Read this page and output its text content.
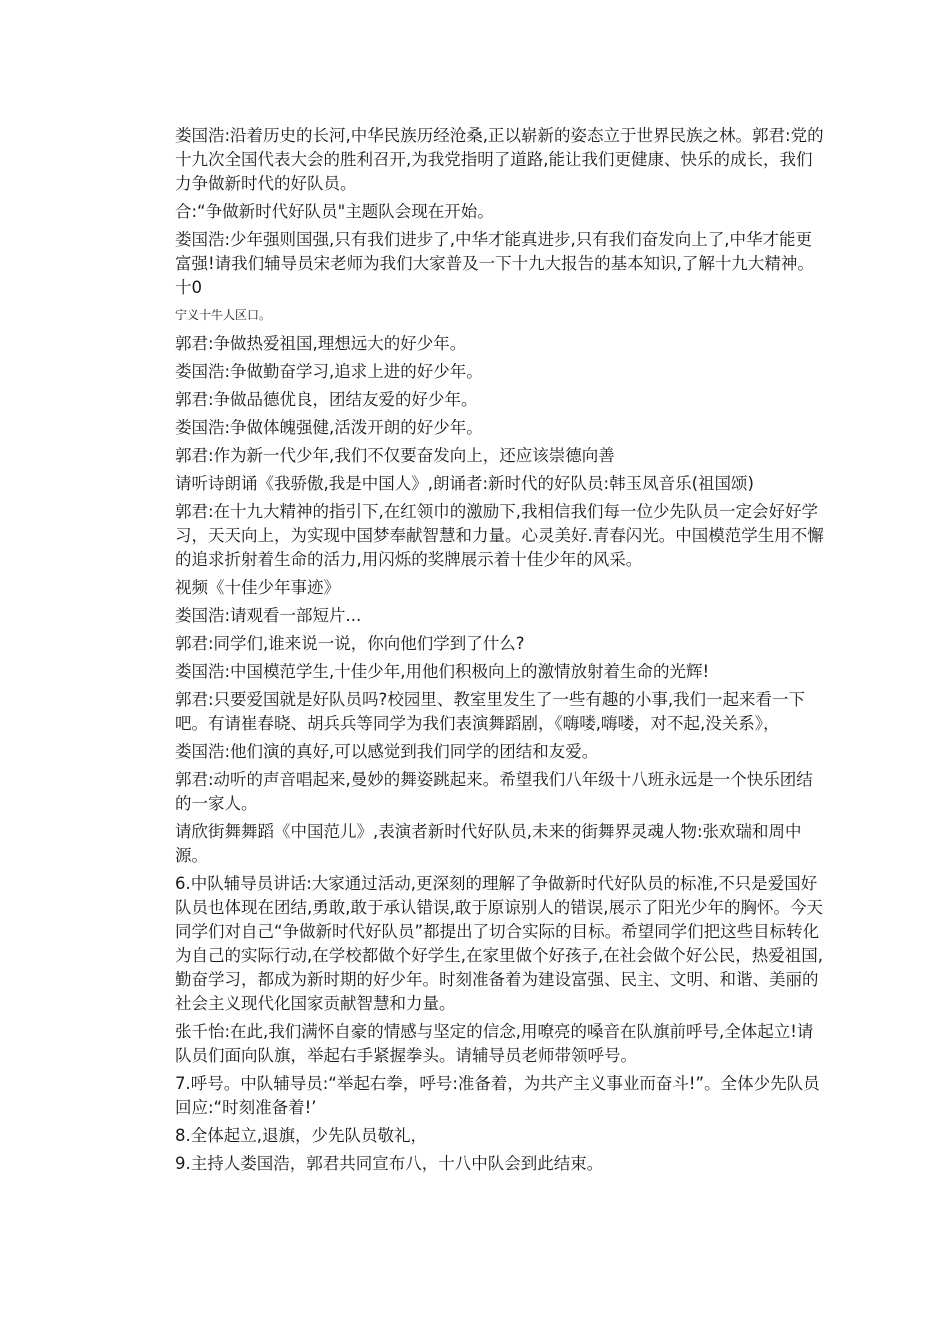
娄国浩:沿着历史的长河,中华民族历经沧桑,正以崭新的姿态立于世界民族之林。郭君:党的十九次全国代表大会的胜利召开,为我党指明了道路,能让我们更健康、快乐的成长，我们力争做新时代的好队员。

合:“争做新时代好队员"主题队会现在开始。

娄国浩:少年强则国强,只有我们进步了,中华才能真进步,只有我们奋发向上了,中华才能更富强!请我们辅导员宋老师为我们大家普及一下十九大报告的基本知识,了解十九大精神。十0

宁义十牛人区口。

郭君:争做热爱祖国,理想远大的好少年。

娄国浩:争做勤奋学习,追求上进的好少年。

郭君:争做品德优良，团结友爱的好少年。

娄国浩:争做体魄强健,活泼开朗的好少年。

郭君:作为新一代少年,我们不仅要奋发向上，还应该崇德向善

请听诗朗诵《我骄傲,我是中国人》,朗诵者:新时代的好队员:韩玉凤音乐(祖国颂)

郭君:在十九大精神的指引下,在红领巾的激励下,我相信我们每一位少先队员一定会好好学习，天天向上，为实现中国梦奉献智慧和力量。心灵美好.青春闪光。中国模范学生用不懈的追求折射着生命的活力,用闪烁的奖牌展示着十佳少年的风采。

视频《十佳少年事迹》

娄国浩:请观看一部短片...

郭君:同学们,谁来说一说，你向他们学到了什么?

娄国浩:中国模范学生,十佳少年,用他们积极向上的激情放射着生命的光辉!

郭君:只要爱国就是好队员吗?校园里、教室里发生了一些有趣的小事,我们一起来看一下吧。有请崔春晓、胡兵兵等同学为我们表演舞蹈剧，《嗨喽,嗨喽，对不起,没关系》，

娄国浩:他们演的真好,可以感觉到我们同学的团结和友爱。

郭君:动听的声音唱起来,曼妙的舞姿跳起来。希望我们八年级十八班永远是一个快乐团结的一家人。

请欣街舞舞蹈《中国范儿》,表演者新时代好队员,未来的街舞界灵魂人物:张欢瑞和周中源。

6.中队辅导员讲话:大家通过活动,更深刻的理解了争做新时代好队员的标准,不只是爱国好队员也体现在团结,勇敢,敢于承认错误,敢于原谅别人的错误,展示了阳光少年的胸怀。今天同学们对自己“争做新时代好队员”都提出了切合实际的目标。希望同学们把这些目标转化为自己的实际行动,在学校都做个好学生,在家里做个好孩子,在社会做个好公民，热爱祖国,勤奋学习，都成为新时期的好少年。时刻准备着为建设富强、民主、文明、和谐、美丽的社会主义现代化国家贡献智慧和力量。

张千怡:在此,我们满怀自豪的情感与坚定的信念,用嘹亮的嗓音在队旗前呼号,全体起立!请队员们面向队旗，举起右手紧握拳头。请辅导员老师带领呼号。

7.呼号。中队辅导员:“举起右拳，呼号:准备着，为共产主义事业而奋斗!”。全体少先队员回应:“时刻准备着!’

8.全体起立,退旗，少先队员敬礼，

9.主持人娄国浩，郭君共同宣布八，十八中队会到此结束。
